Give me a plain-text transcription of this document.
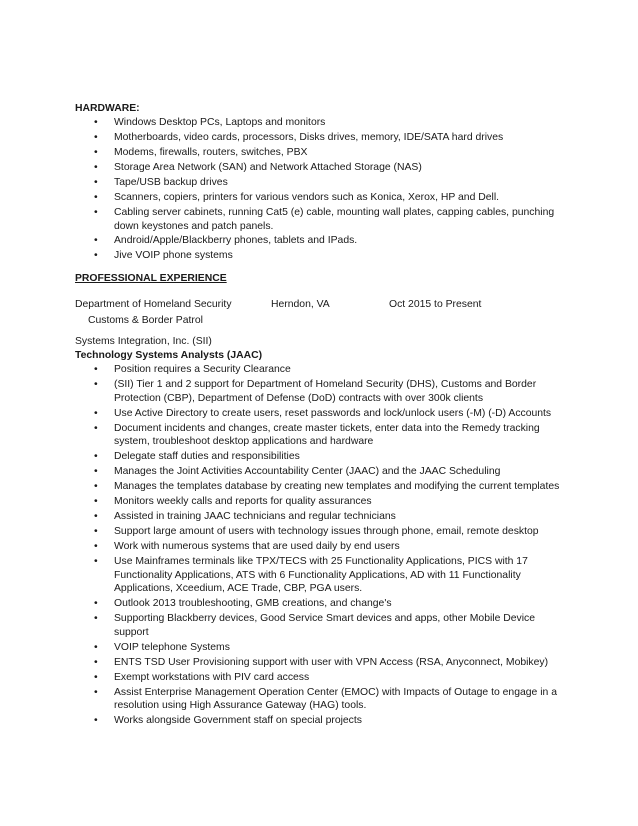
HARDWARE:
• Windows Desktop PCs, Laptops and monitors
• Motherboards, video cards, processors, Disks drives, memory, IDE/SATA hard drives
• Modems, firewalls, routers, switches, PBX
• Storage Area Network (SAN) and Network Attached Storage (NAS)
• Tape/USB backup drives
• Scanners, copiers, printers for various vendors such as Konica, Xerox, HP and Dell.
• Cabling server cabinets, running Cat5 (e) cable, mounting wall plates, capping cables, punching down keystones and patch panels.
• Android/Apple/Blackberry phones, tablets and IPads.
• Jive VOIP phone systems
PROFESSIONAL EXPERIENCE
Department of Homeland Security	Herndon, VA	Oct 2015 to Present
Customs & Border Patrol
Systems Integration, Inc. (SII)
Technology Systems Analysts (JAAC)
• Position requires a Security Clearance
• (SII) Tier 1 and 2 support for Department of Homeland Security (DHS), Customs and Border Protection (CBP), Department of Defense (DoD) contracts with over 300k clients
• Use Active Directory to create users, reset passwords and lock/unlock users (-M) (-D) Accounts
• Document incidents and changes, create master tickets, enter data into the Remedy tracking system, troubleshoot desktop applications and hardware
• Delegate staff duties and responsibilities
• Manages the Joint Activities Accountability Center (JAAC) and the JAAC Scheduling
• Manages the templates database by creating new templates and modifying the current templates
• Monitors weekly calls and reports for quality assurances
• Assisted in training JAAC technicians and regular technicians
• Support large amount of users with technology issues through phone, email, remote desktop
• Work with numerous systems that are used daily by end users
• Use Mainframes terminals like TPX/TECS with 25 Functionality Applications, PICS with 17 Functionality Applications, ATS with 6 Functionality Applications, AD with 11 Functionality Applications, Xceedium, ACE Trade, CBP, PGA users.
• Outlook 2013 troubleshooting, GMB creations, and change's
• Supporting Blackberry devices, Good Service Smart devices and apps, other Mobile Device support
• VOIP telephone Systems
• ENTS TSD User Provisioning support with user with VPN Access (RSA, Anyconnect, Mobikey)
• Exempt workstations with PIV card access
• Assist Enterprise Management Operation Center (EMOC) with Impacts of Outage to engage in a resolution using High Assurance Gateway (HAG) tools.
• Works alongside Government staff on special projects
